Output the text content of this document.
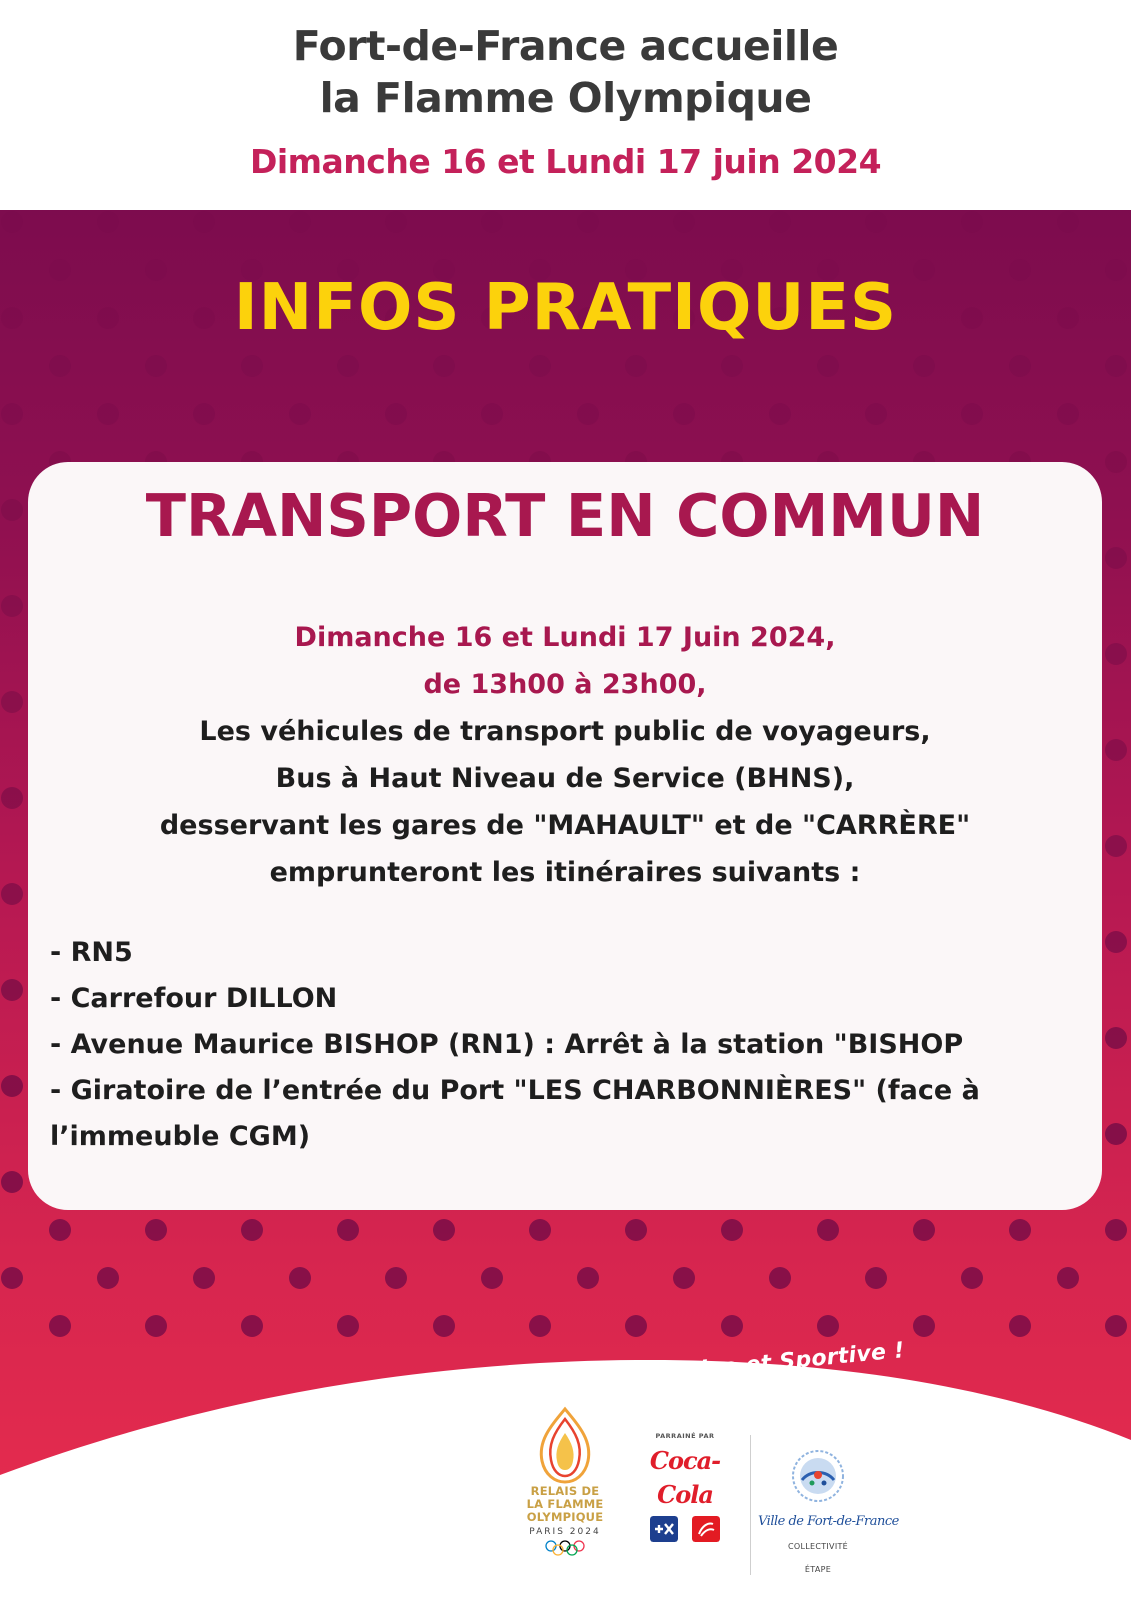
Fort-de-France accueille
la Flamme Olympique
Dimanche 16 et Lundi 17 juin 2024
INFOS PRATIQUES
TRANSPORT EN COMMUN
Dimanche 16 et Lundi 17 Juin 2024,
de 13h00 à 23h00,
Les véhicules de transport public de voyageurs,
Bus à Haut Niveau de Service (BHNS),
desservant les gares de "MAHAULT" et de "CARRÈRE"
emprunteront les itinéraires suivants :
- RN5
- Carrefour DILLON
- Avenue Maurice BISHOP (RN1) : Arrêt à la station "BISHOP
- Giratoire de l’entrée du Port "LES CHARBONNIÈRES" (face à l’immeuble CGM)
Fort-de-France, Ville Active et Sportive !
RELAIS DE
LA FLAMME
OLYMPIQUE
PARIS 2024
PARRAINÉ PAR
Coca-Cola
Ville de Fort-de-France
COLLECTIVITÉ
ÉTAPE
